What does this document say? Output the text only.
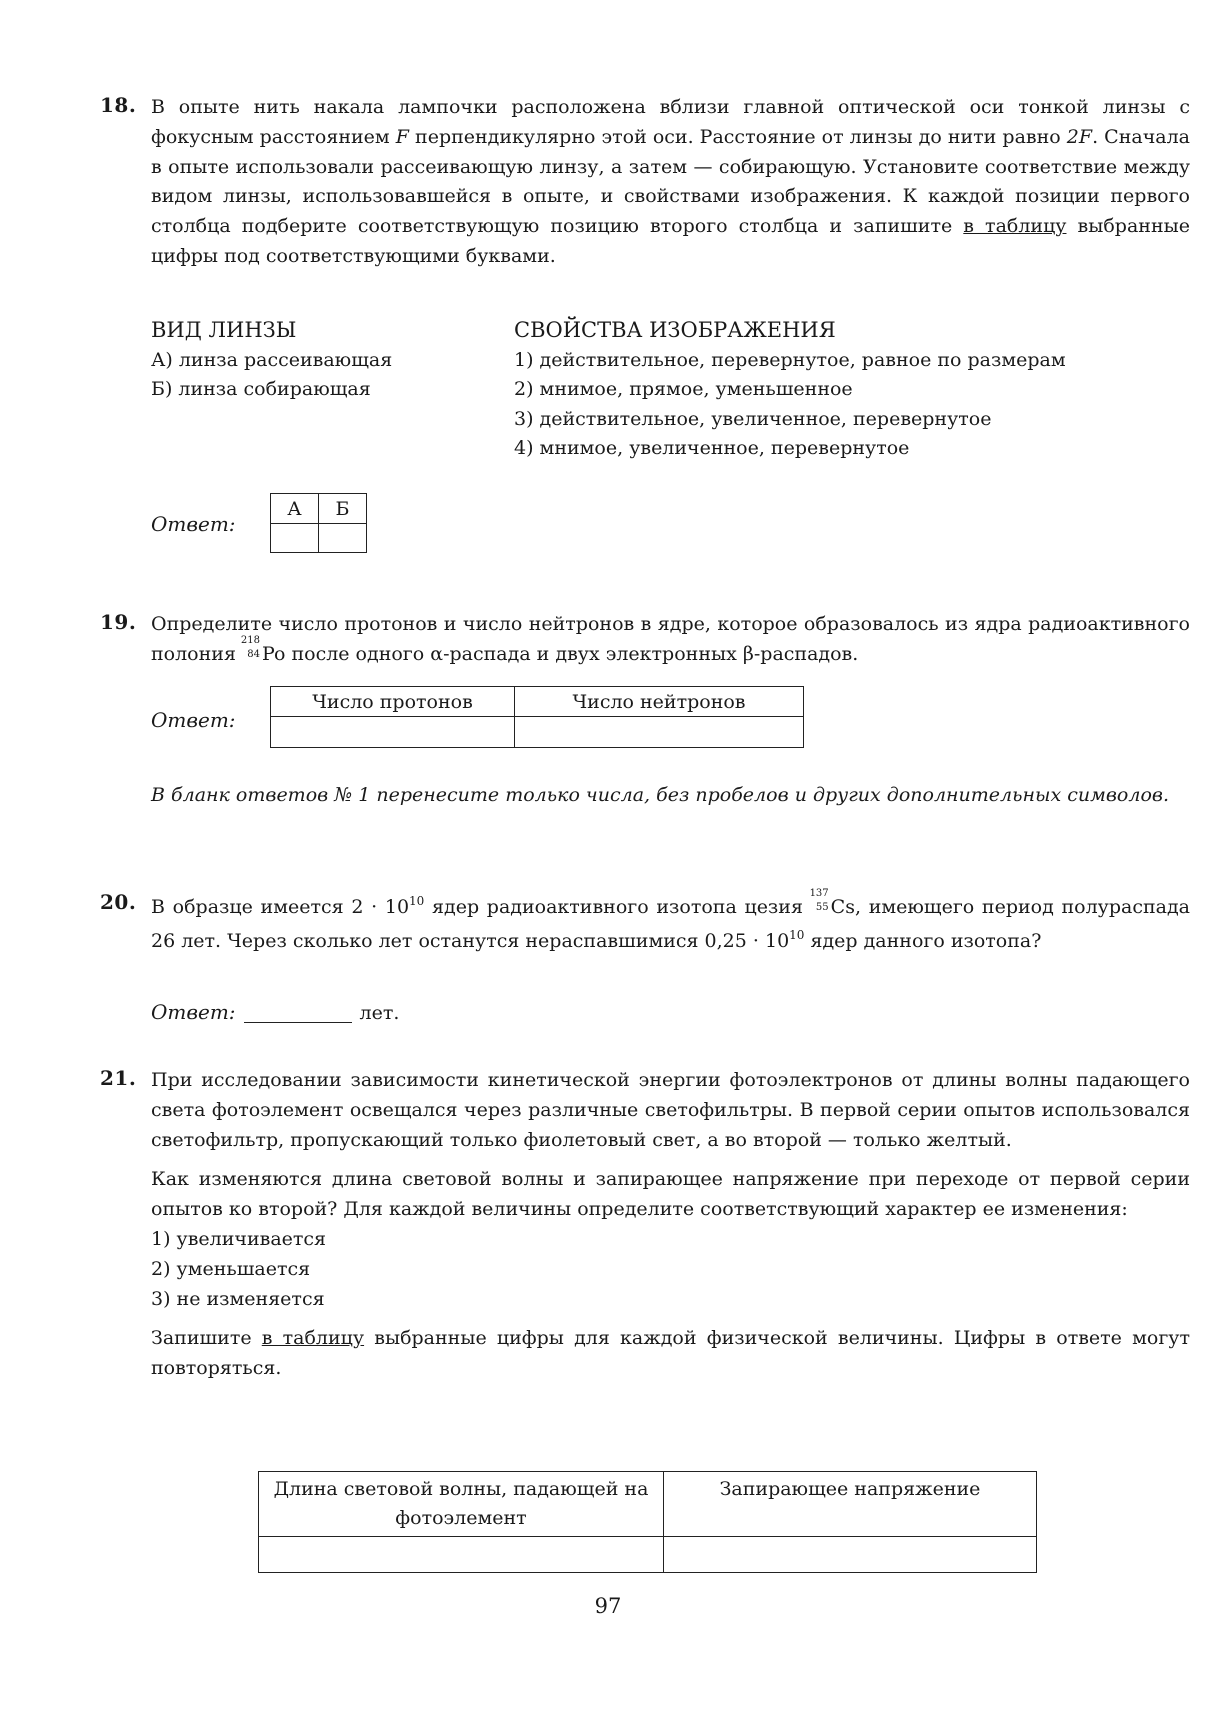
18. В опыте нить накала лампочки расположена вблизи главной оптической оси тонкой линзы с фокусным расстоянием F перпендикулярно этой оси. Расстояние от линзы до нити равно 2F. Сначала в опыте использовали рассеивающую линзу, а затем — собирающую. Установите соответствие между видом линзы, использовавшейся в опыте, и свойствами изображения. К каждой позиции первого столбца подберите соответствующую позицию второго столбца и запишите в таблицу выбранные цифры под соответствующими буквами.
ВИД ЛИНЗЫ
А) линза рассеивающая
Б) линза собирающая
СВОЙСТВА ИЗОБРАЖЕНИЯ
1) действительное, перевернутое, равное по размерам
2) мнимое, прямое, уменьшенное
3) действительное, увеличенное, перевернутое
4) мнимое, увеличенное, перевернутое
Ответ:
А	Б

19. Определите число протонов и число нейтронов в ядре, которое образовалось из ядра радиоактивного полония
218
84 Po после одного α-распада и двух электронных β-распадов.
Ответ:
Число протонов	Число нейтронов

В бланк ответов № 1 перенесите только числа, без пробелов и других дополнительных символов.
20. В образце имеется $2 \cdot 10^{10}$ ядер радиоактивного изотопа цезия
137
55 Cs, имеющего период полураспада 26 лет. Через сколько лет останутся нераспавшимися $0,25 \cdot 10^{10}$ ядер данного изотопа?
Ответ:	лет.
21. При исследовании зависимости кинетической энергии фотоэлектронов от длины волны падающего света фотоэлемент освещался через различные светофильтры. В первой серии опытов использовался светофильтр, пропускающий только фиолетовый свет, а во второй — только желтый.

Как изменяются длина световой волны и запирающее напряжение при переходе от первой серии опытов ко второй? Для каждой величины определите соответствующий характер ее изменения:

1) увеличивается
2) уменьшается
3) не изменяется

Запишите в таблицу выбранные цифры для каждой физической величины. Цифры в ответе могут повторяться.

Длина световой волны, падающей на фотоэлемент	Запирающее напряжение

97
